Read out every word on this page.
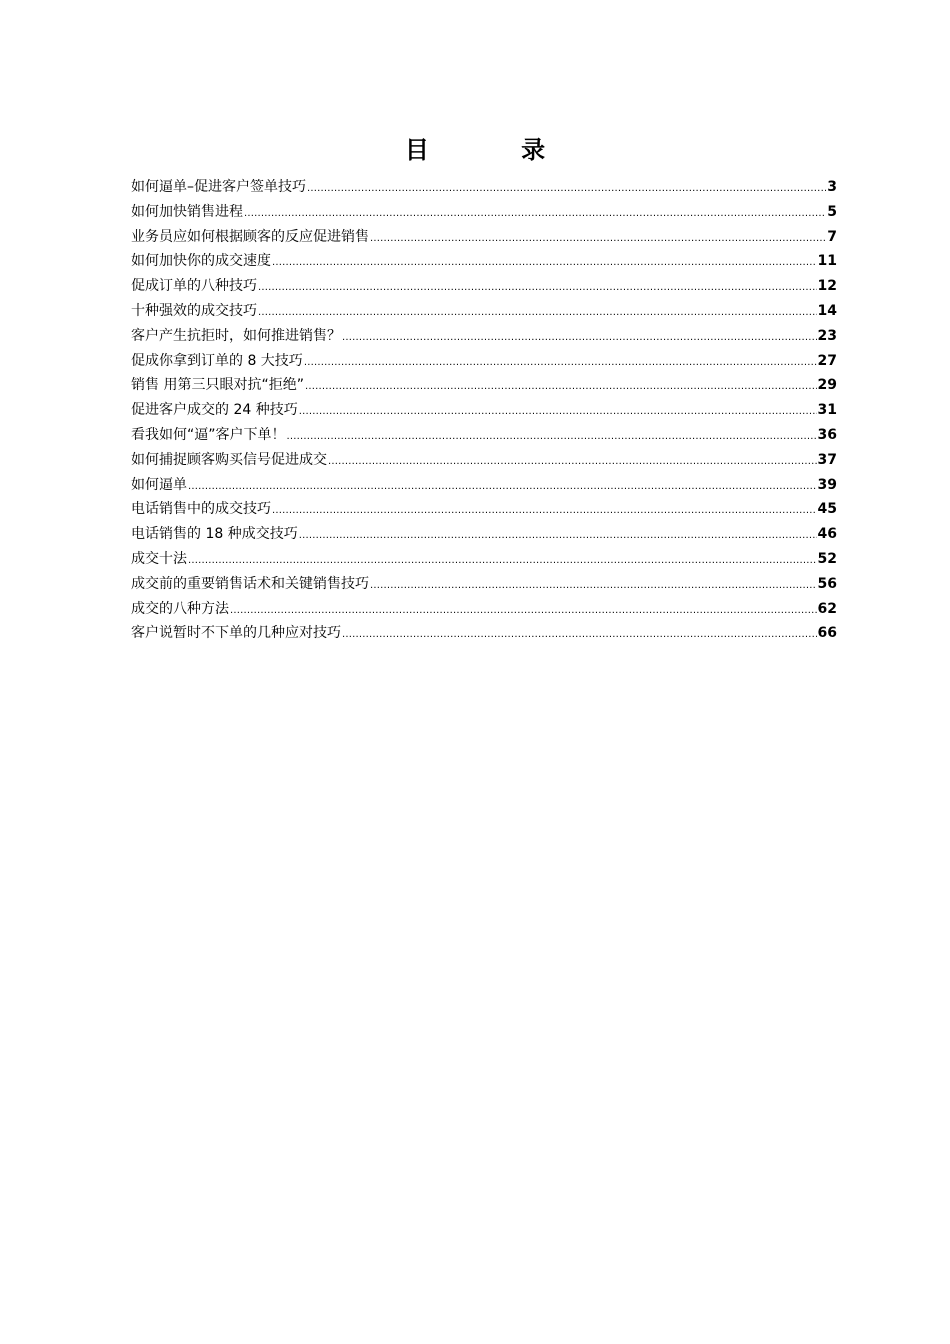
目 录
如何逼单–促进客户签单技巧 .....	3
如何加快销售进程 .....	5
业务员应如何根据顾客的反应促进销售 .....	7
如何加快你的成交速度 .....	11
促成订单的八种技巧 .....	12
十种强效的成交技巧 .....	14
客户产生抗拒时，如何推进销售？ .....	23
促成你拿到订单的 8 大技巧 .....	27
销售 用第三只眼对抗“拒绝” .....	29
促进客户成交的 24 种技巧 .....	31
看我如何“逼”客户下单！ .....	36
如何捕捉顾客购买信号促进成交 .....	37
如何逼单 .....	39
电话销售中的成交技巧 .....	45
电话销售的 18 种成交技巧 .....	46
成交十法 .....	52
成交前的重要销售话术和关键销售技巧 .....	56
成交的八种方法 .....	62
客户说暂时不下单的几种应对技巧 .....	66
